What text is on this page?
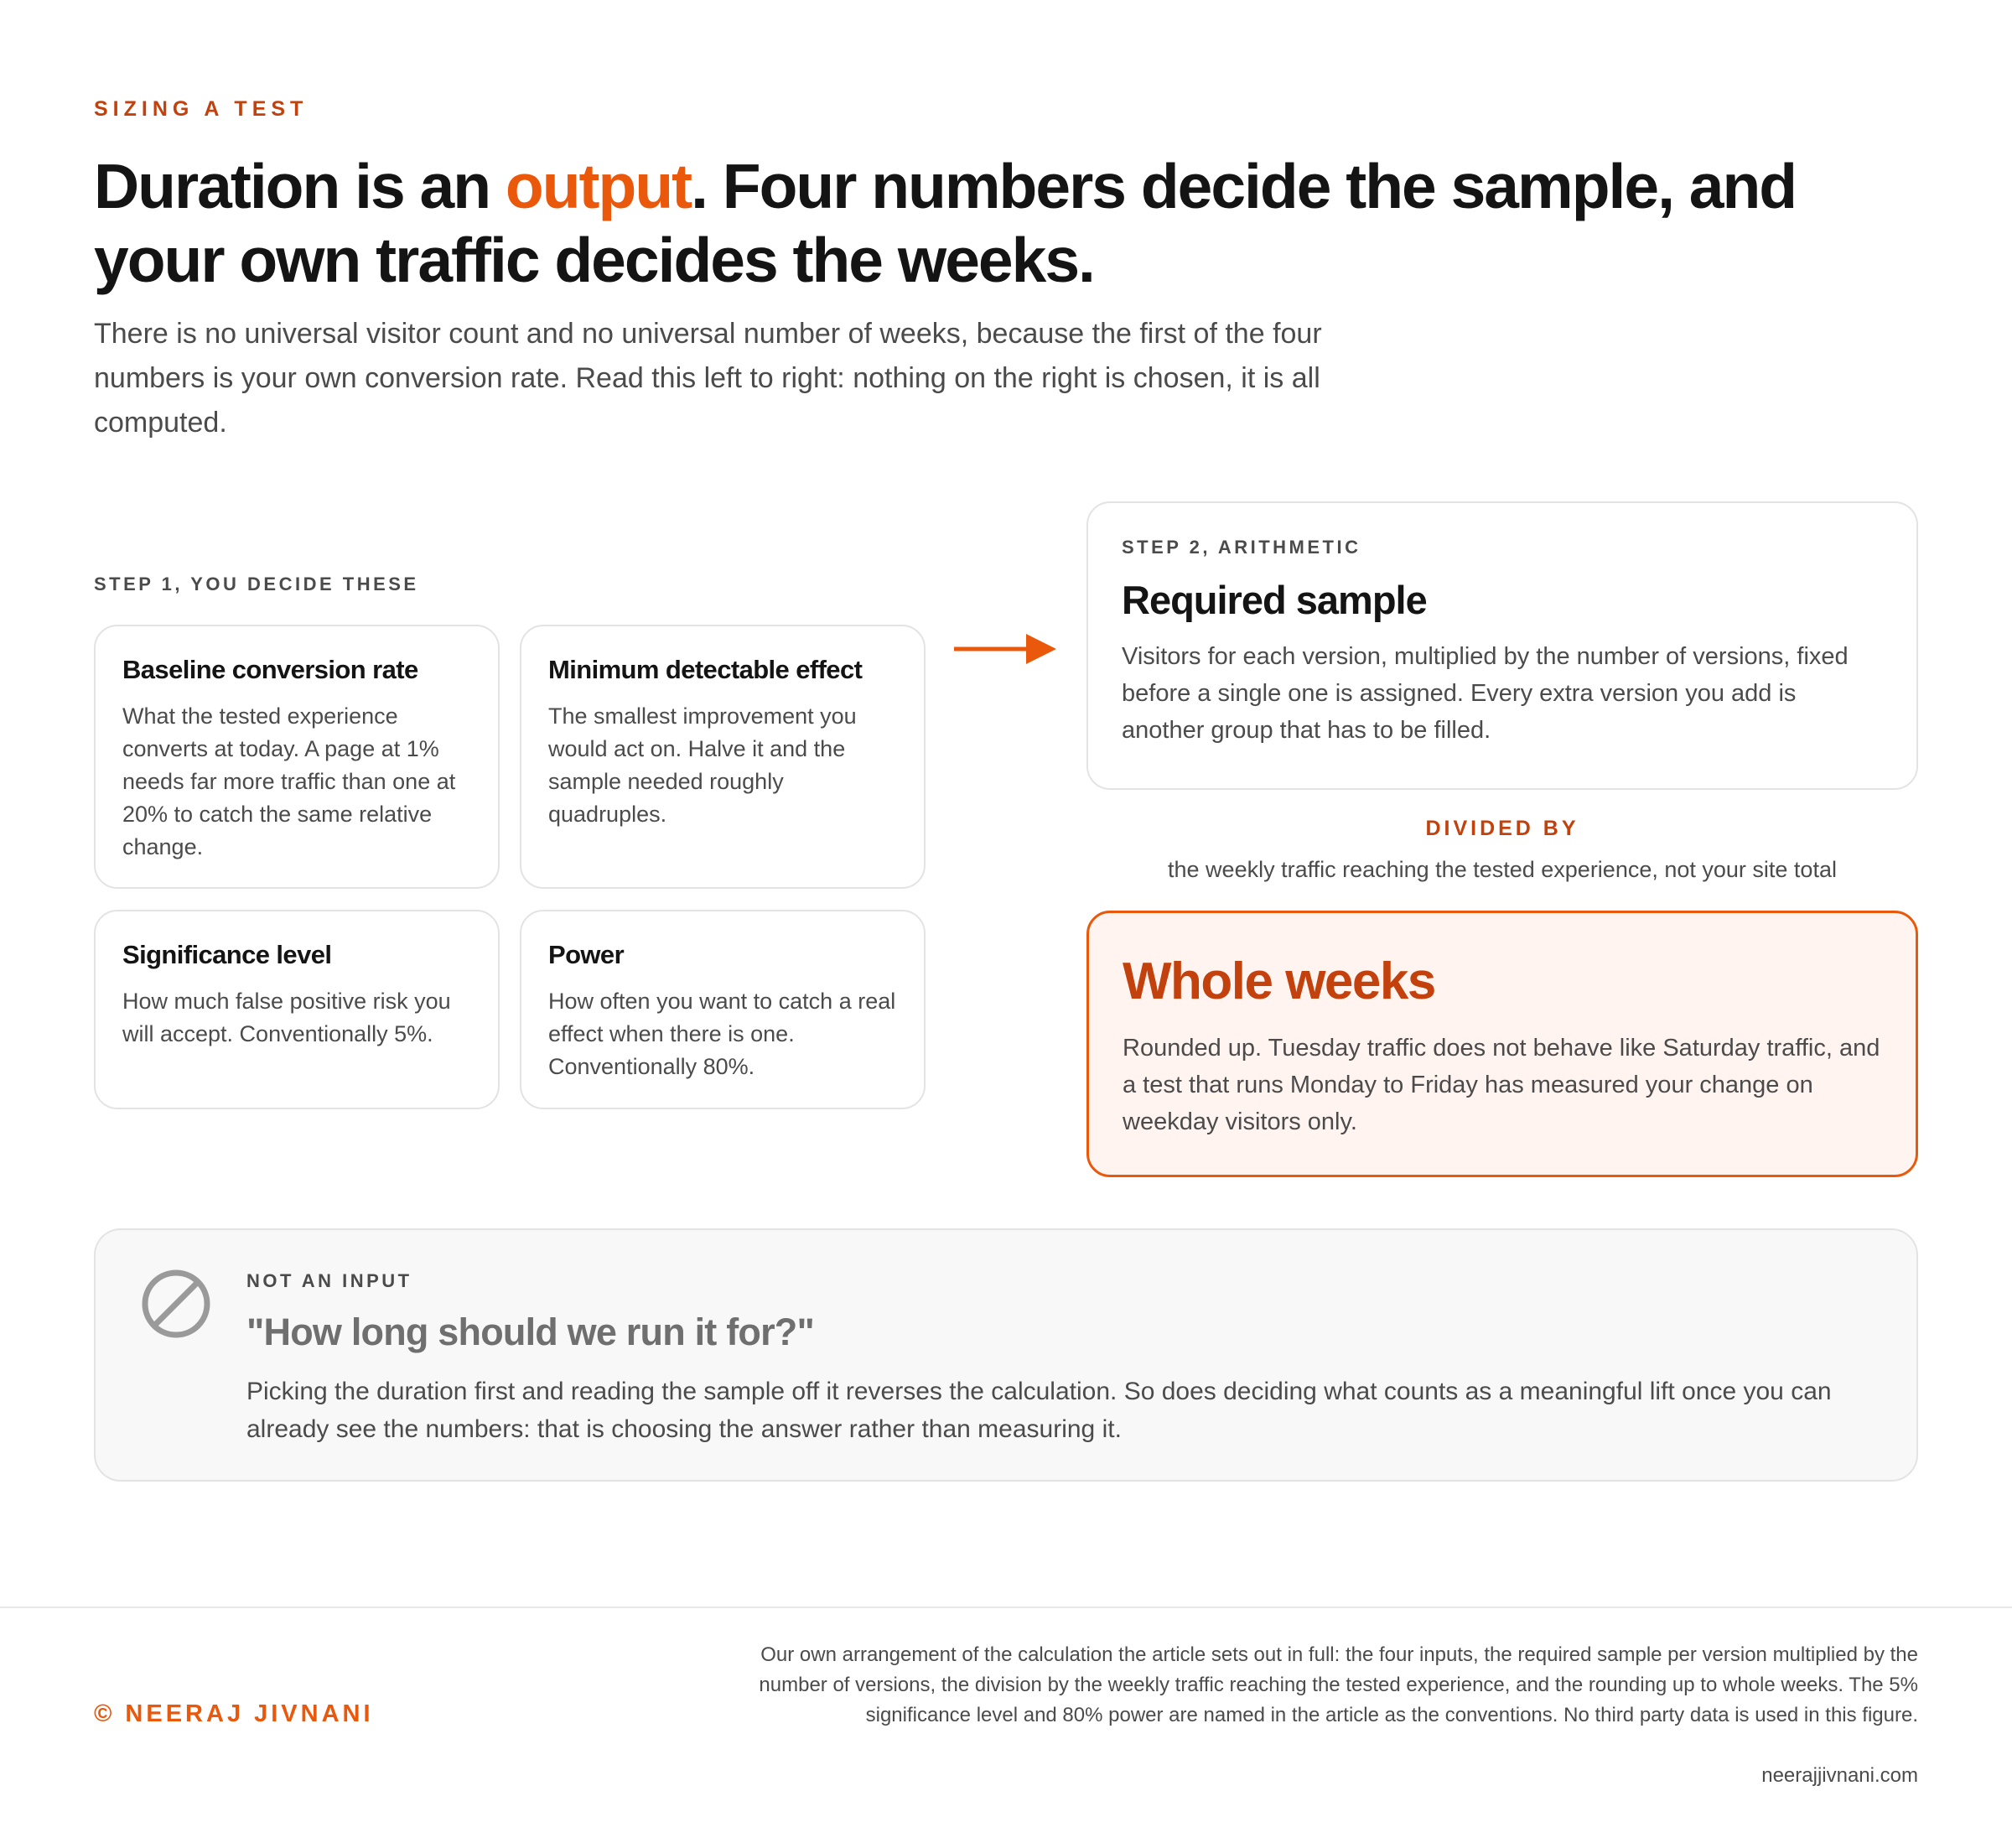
SIZING A TEST
Duration is an output. Four numbers decide the sample, and your own traffic decides the weeks.

There is no universal visitor count and no universal number of weeks, because the first of the four numbers is your own conversion rate. Read this left to right: nothing on the right is chosen, it is all computed.

STEP 1, YOU DECIDE THESE
Baseline conversion rate

What the tested experience converts at today. A page at 1% needs far more traffic than one at 20% to catch the same relative change.

Minimum detectable effect

The smallest improvement you would act on. Halve it and the sample needed roughly quadruples.

Significance level

How much false positive risk you will accept. Conventionally 5%.

Power

How often you want to catch a real effect when there is one. Conventionally 80%.

STEP 2, ARITHMETIC
Required sample

Visitors for each version, multiplied by the number of versions, fixed before a single one is assigned. Every extra version you add is another group that has to be filled.

DIVIDED BY
the weekly traffic reaching the tested experience, not your site total
Whole weeks

Rounded up. Tuesday traffic does not behave like Saturday traffic, and a test that runs Monday to Friday has measured your change on weekday visitors only.

NOT AN INPUT
"How long should we run it for?"

Picking the duration first and reading the sample off it reverses the calculation. So does deciding what counts as a meaningful lift once you can already see the numbers: that is choosing the answer rather than measuring it.

© NEERAJ JIVNANI

Our own arrangement of the calculation the article sets out in full: the four inputs, the required sample per version multiplied by the number of versions, the division by the weekly traffic reaching the tested experience, and the rounding up to whole weeks. The 5% significance level and 80% power are named in the article as the conventions. No third party data is used in this figure.

neerajjivnani.com
